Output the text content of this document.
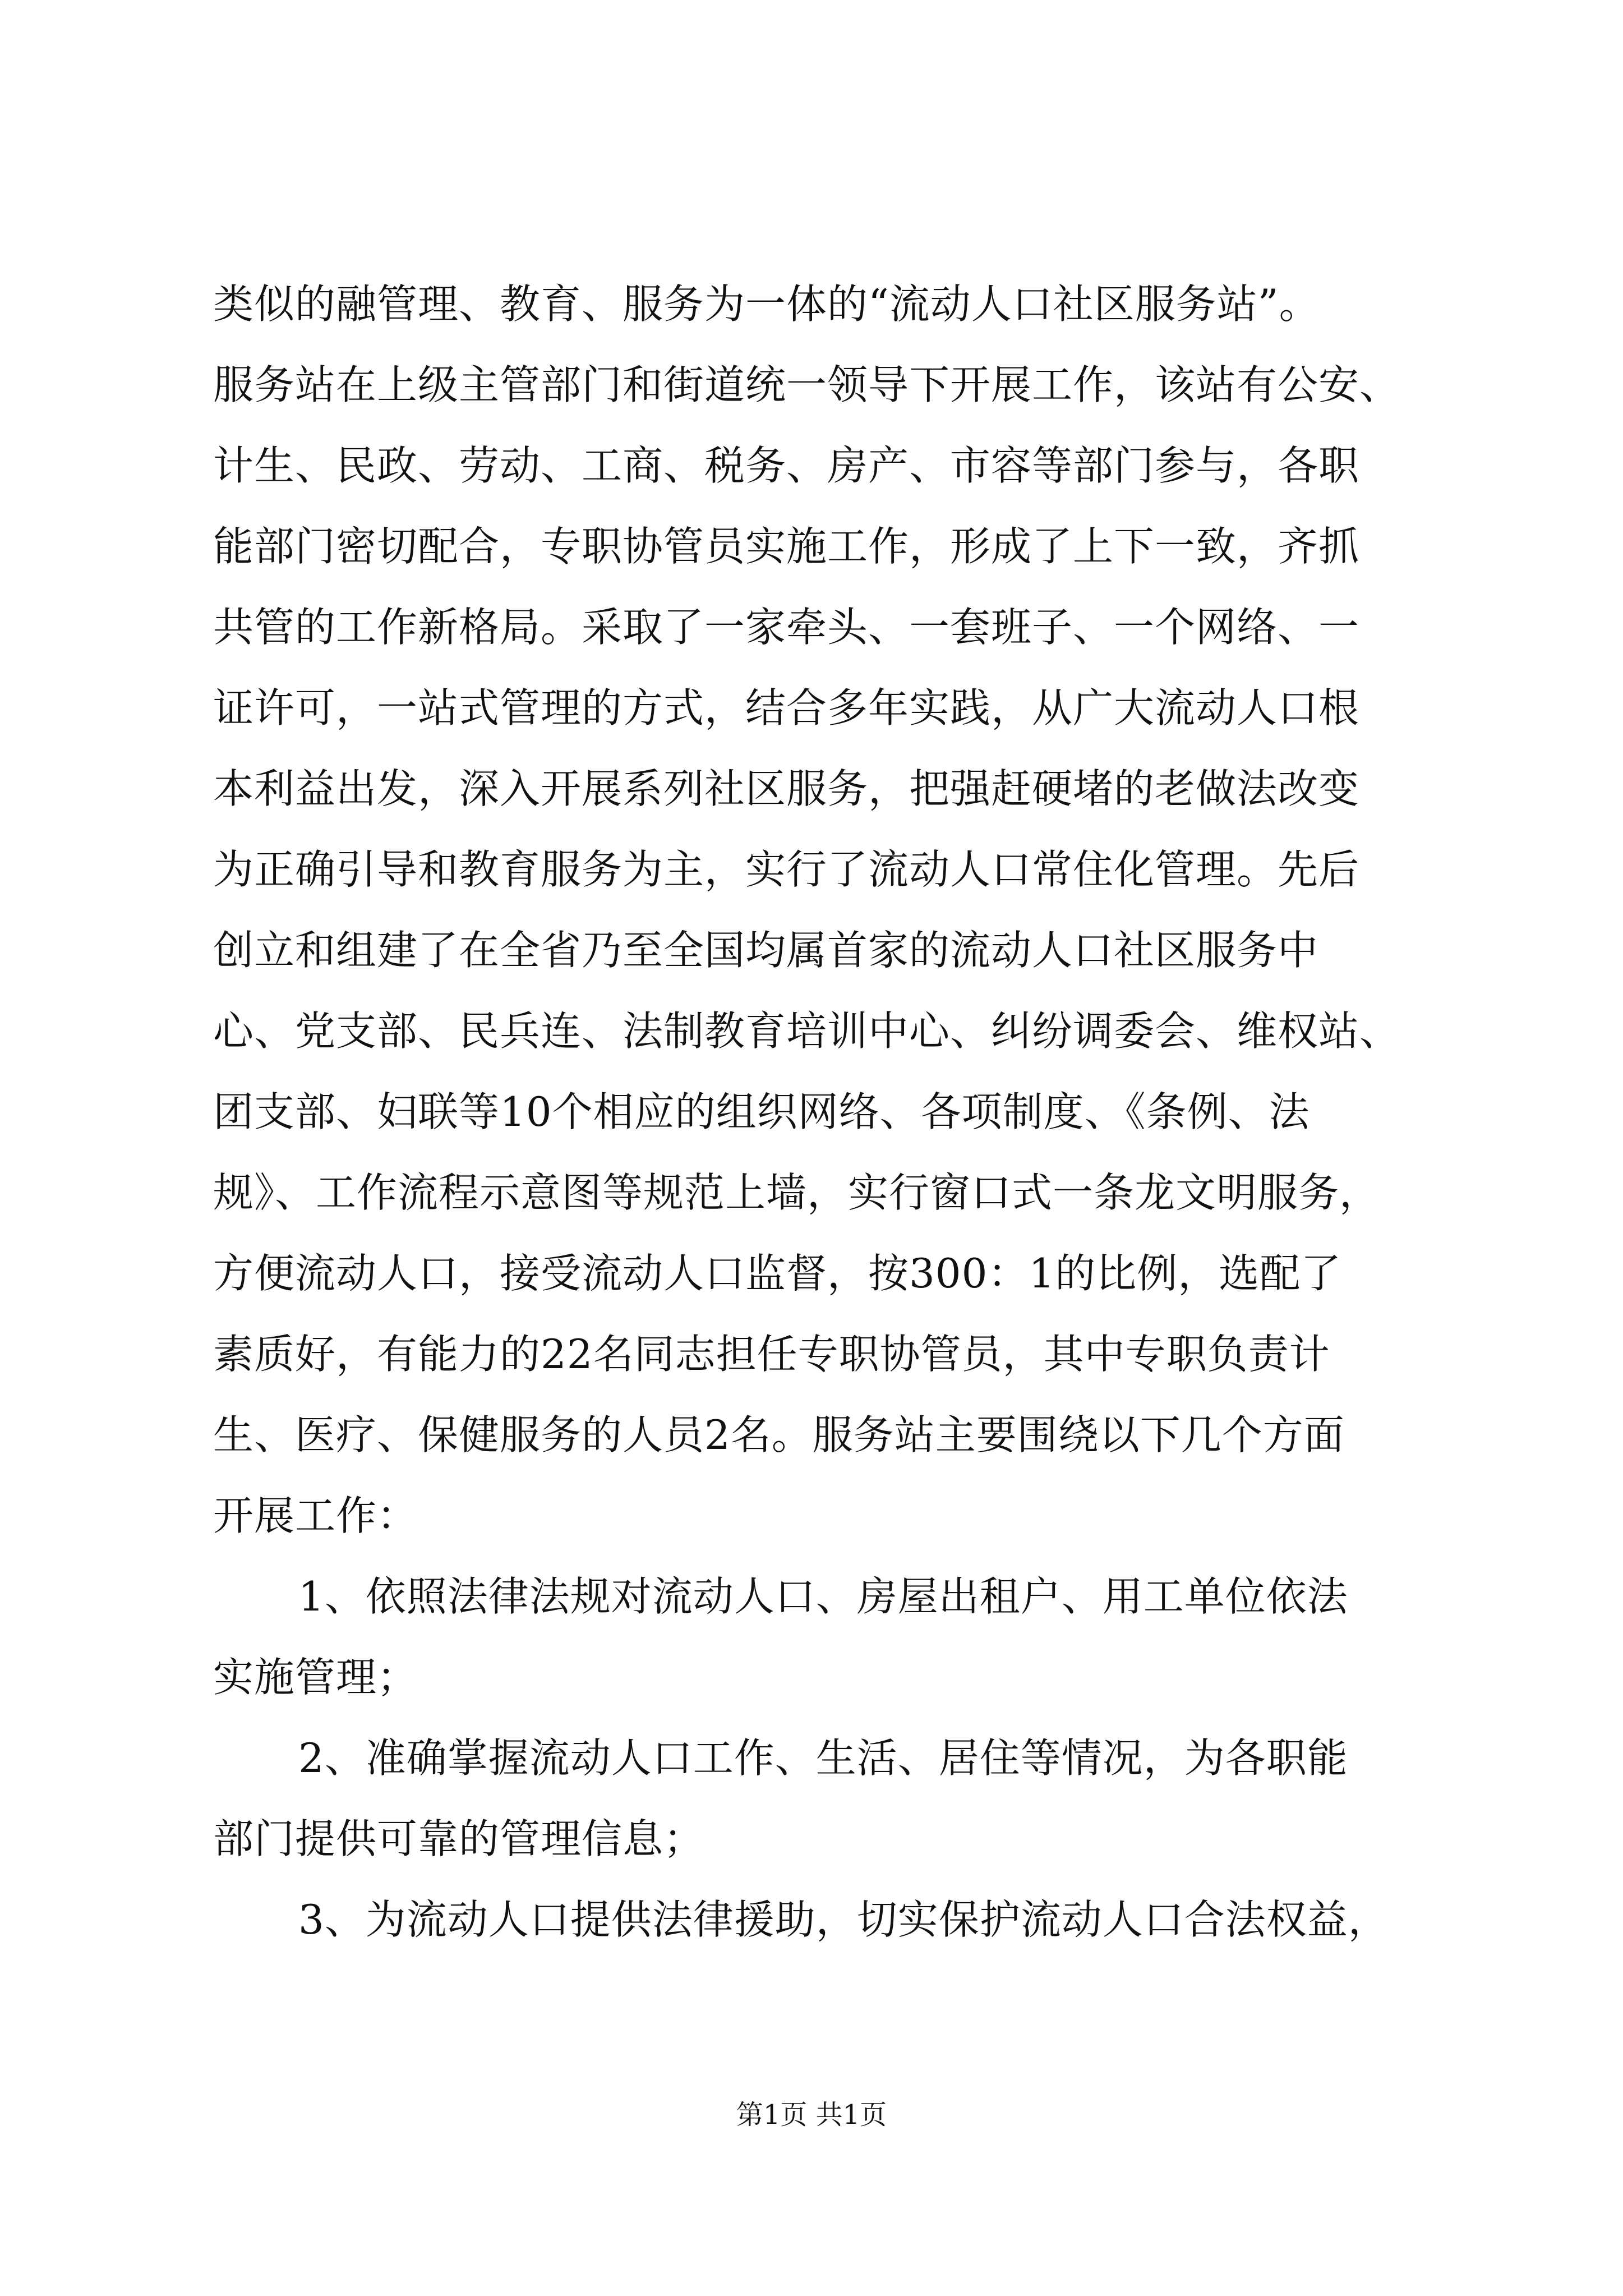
类似的融管理、教育、服务为一体的“流动人口社区服务站”。
服务站在上级主管部门和街道统一领导下开展工作，该站有公安、
计生、民政、劳动、工商、税务、房产、市容等部门参与，各职
能部门密切配合，专职协管员实施工作，形成了上下一致，齐抓
共管的工作新格局。采取了一家牵头、一套班子、一个网络、一
证许可，一站式管理的方式，结合多年实践，从广大流动人口根
本利益出发，深入开展系列社区服务，把强赶硬堵的老做法改变
为正确引导和教育服务为主，实行了流动人口常住化管理。先后
创立和组建了在全省乃至全国均属首家的流动人口社区服务中
心、党支部、民兵连、法制教育培训中心、纠纷调委会、维权站、
团支部、妇联等10个相应的组织网络、各项制度、《条例、法
规》、工作流程示意图等规范上墙，实行窗口式一条龙文明服务，
方便流动人口，接受流动人口监督，按300：1的比例，选配了
素质好，有能力的22名同志担任专职协管员，其中专职负责计
生、医疗、保健服务的人员2名。服务站主要围绕以下几个方面
开展工作：
1、依照法律法规对流动人口、房屋出租户、用工单位依法
实施管理；
2、准确掌握流动人口工作、生活、居住等情况，为各职能
部门提供可靠的管理信息；
3、为流动人口提供法律援助，切实保护流动人口合法权益，
第1页 共1页
